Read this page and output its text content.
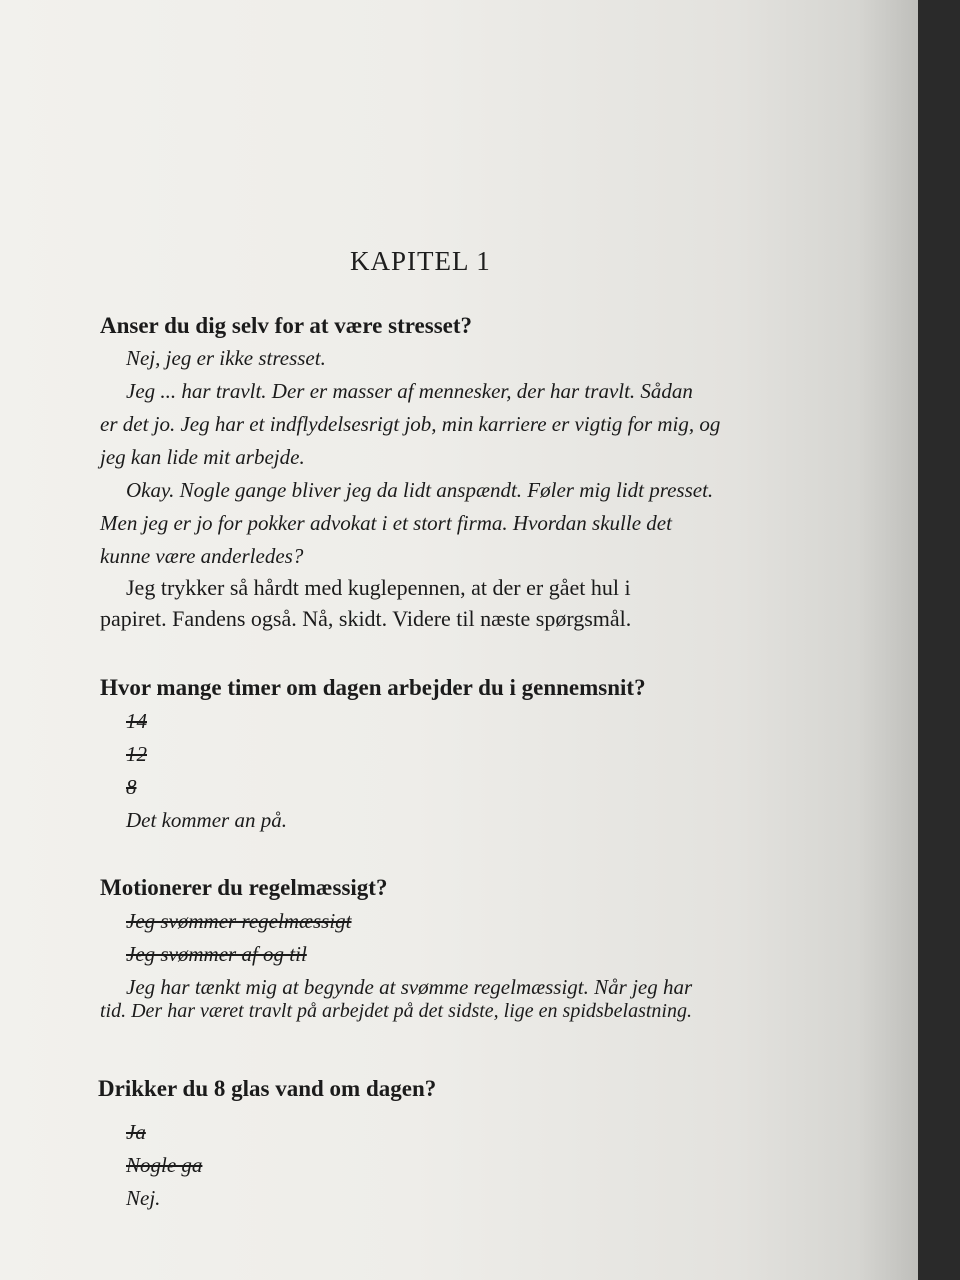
KAPITEL 1
Anser du dig selv for at være stresset?
Nej, jeg er ikke stresset.
Jeg ... har travlt. Der er masser af mennesker, der har travlt. Sådan
er det jo. Jeg har et indflydelsesrigt job, min karriere er vigtig for mig, og
jeg kan lide mit arbejde.
Okay. Nogle gange bliver jeg da lidt anspændt. Føler mig lidt presset.
Men jeg er jo for pokker advokat i et stort firma. Hvordan skulle det
kunne være anderledes?
Jeg trykker så hårdt med kuglepennen, at der er gået hul i
papiret. Fandens også. Nå, skidt. Videre til næste spørgsmål.
Hvor mange timer om dagen arbejder du i gennemsnit?
14
12
8
Det kommer an på.
Motionerer du regelmæssigt?
Jeg svømmer regelmæssigt
Jeg svømmer af og til
Jeg har tænkt mig at begynde at svømme regelmæssigt. Når jeg har
tid. Der har været travlt på arbejdet på det sidste, lige en spidsbelastning.
Drikker du 8 glas vand om dagen?
Ja
Nogle ga
Nej.
